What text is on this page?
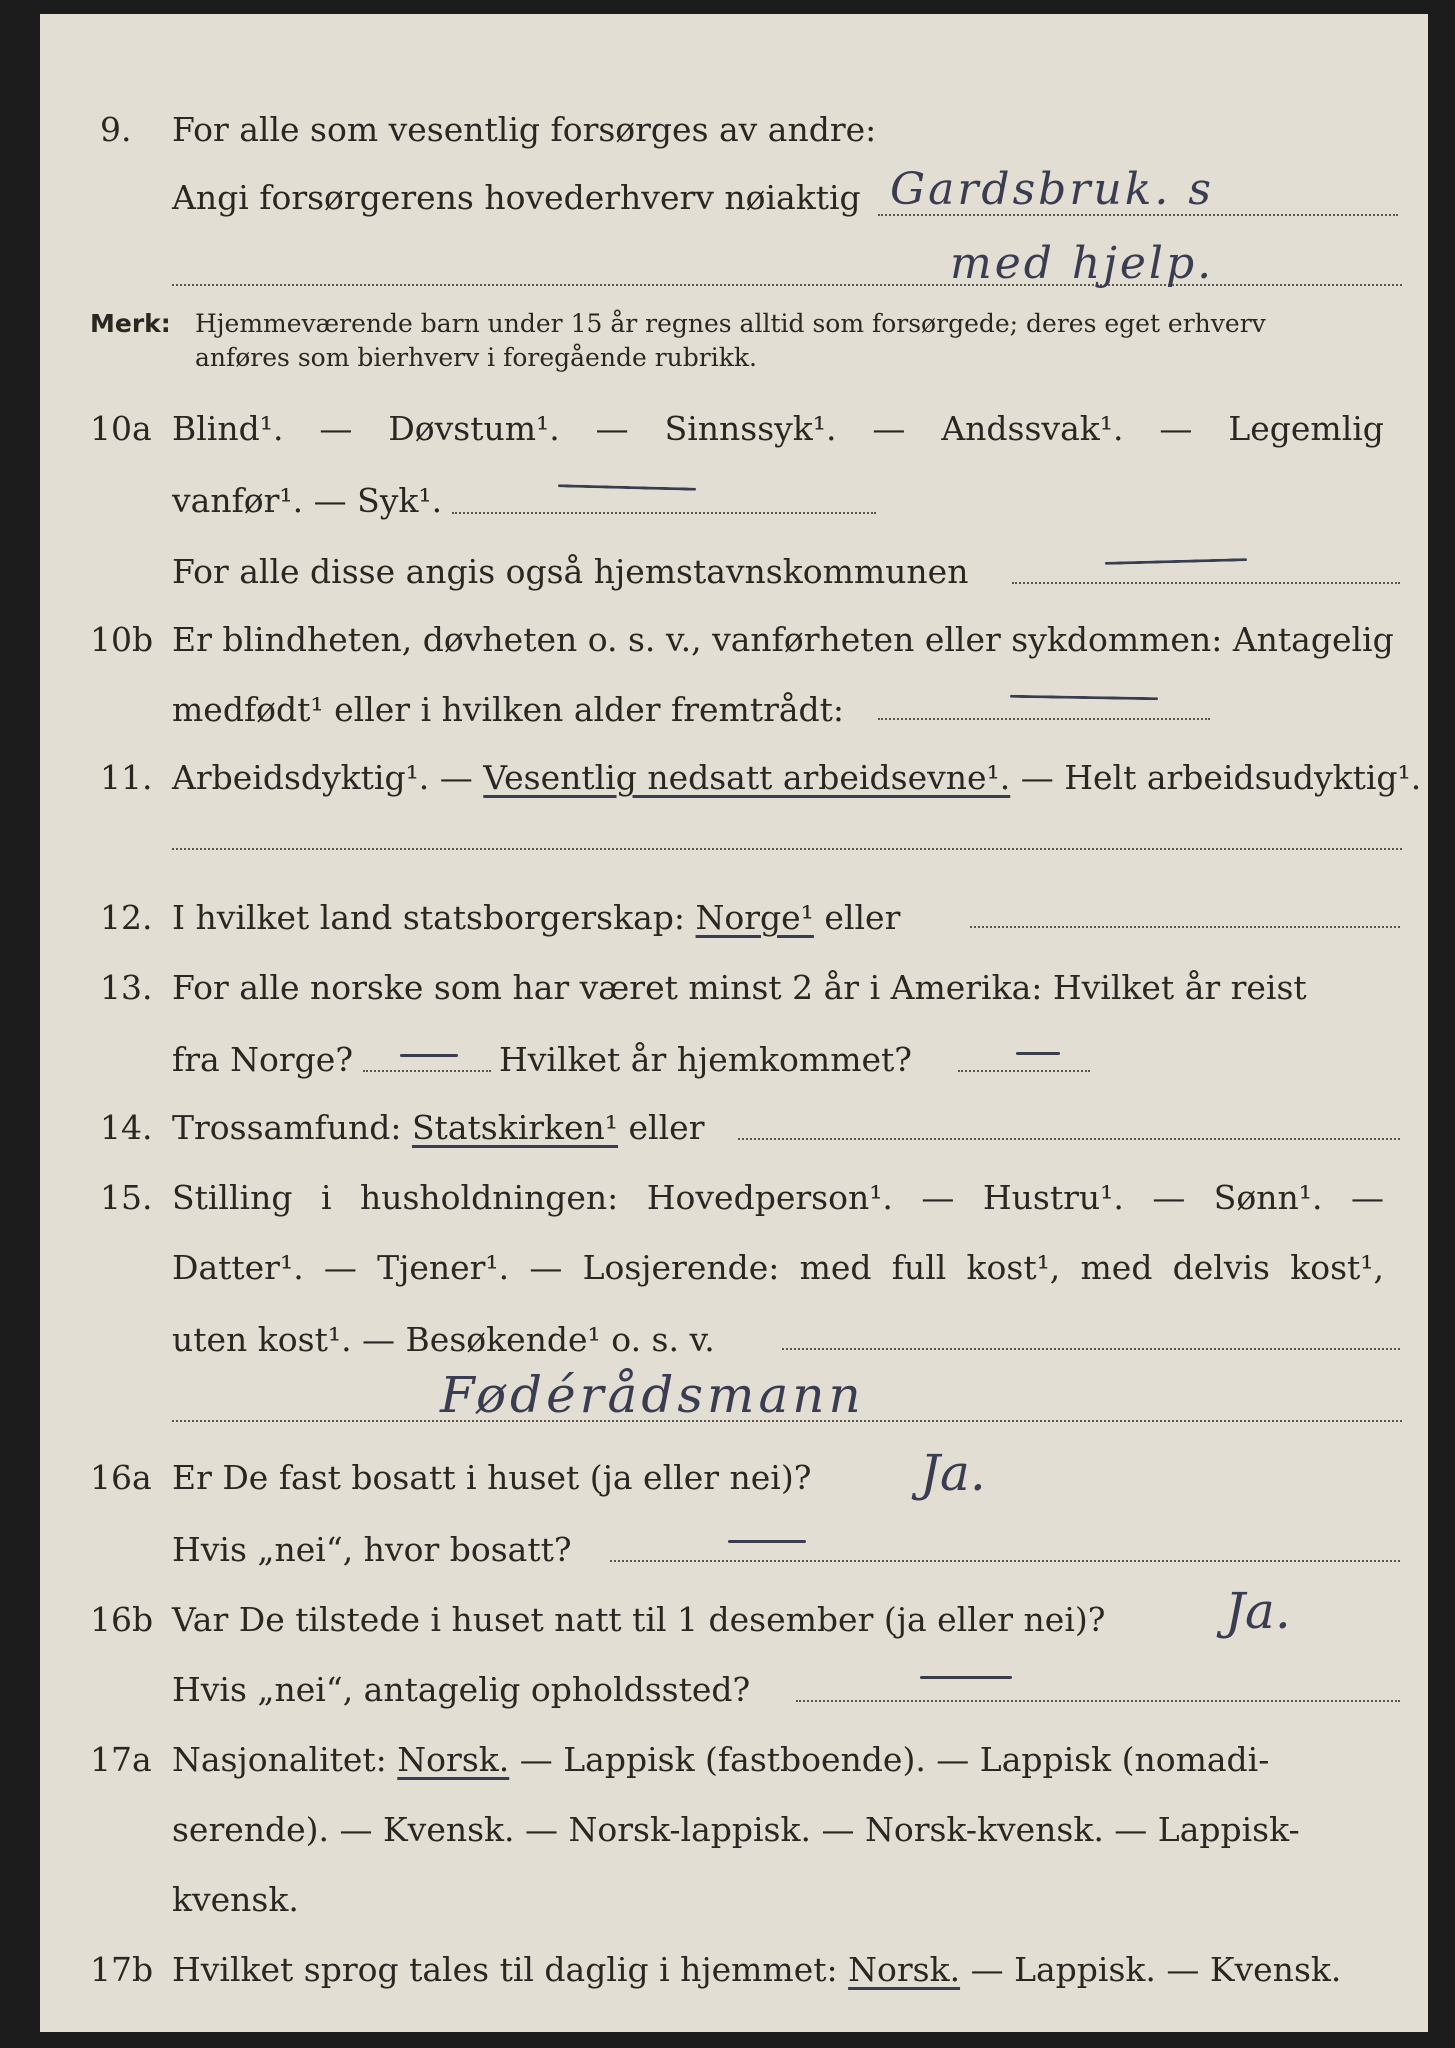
9. For alle som vesentlig forsørges av andre:
Angi forsørgerens hovederhverv nøiaktig Gardsbruk. s
med hjelp.
Merk: Hjemmeværende barn under 15 år regnes alltid som forsørgede; deres eget erhverv
anføres som bierhverv i foregående rubrikk.
10a Blind¹. — Døvstum¹. — Sinnssyk¹. — Andssvak¹. — Legemlig
vanfør¹. — Syk¹.
For alle disse angis også hjemstavnskommunen
10b Er blindheten, døvheten o. s. v., vanførheten eller sykdommen: Antagelig
medfødt¹ eller i hvilken alder fremtrådt:
11. Arbeidsdyktig¹. — Vesentlig nedsatt arbeidsevne¹. — Helt arbeidsudyktig¹.
12. I hvilket land statsborgerskap: Norge¹ eller
13. For alle norske som har været minst 2 år i Amerika: Hvilket år reist
fra Norge?	Hvilket år hjemkommet?
14. Trossamfund: Statskirken¹ eller
15. Stilling i husholdningen: Hovedperson¹. — Hustru¹. — Sønn¹. —
Datter¹. — Tjener¹. — Losjerende: med full kost¹, med delvis kost¹,
uten kost¹. — Besøkende¹ o. s. v.
Fødérådsmann
16a Er De fast bosatt i huset (ja eller nei)? Ja.
Hvis „nei“, hvor bosatt?
16b Var De tilstede i huset natt til 1 desember (ja eller nei)? Ja.
Hvis „nei“, antagelig opholdssted?
17a Nasjonalitet: Norsk. — Lappisk (fastboende). — Lappisk (nomadi-
serende). — Kvensk. — Norsk-lappisk. — Norsk-kvensk. — Lappisk-
kvensk.
17b Hvilket sprog tales til daglig i hjemmet: Norsk. — Lappisk. — Kvensk.
